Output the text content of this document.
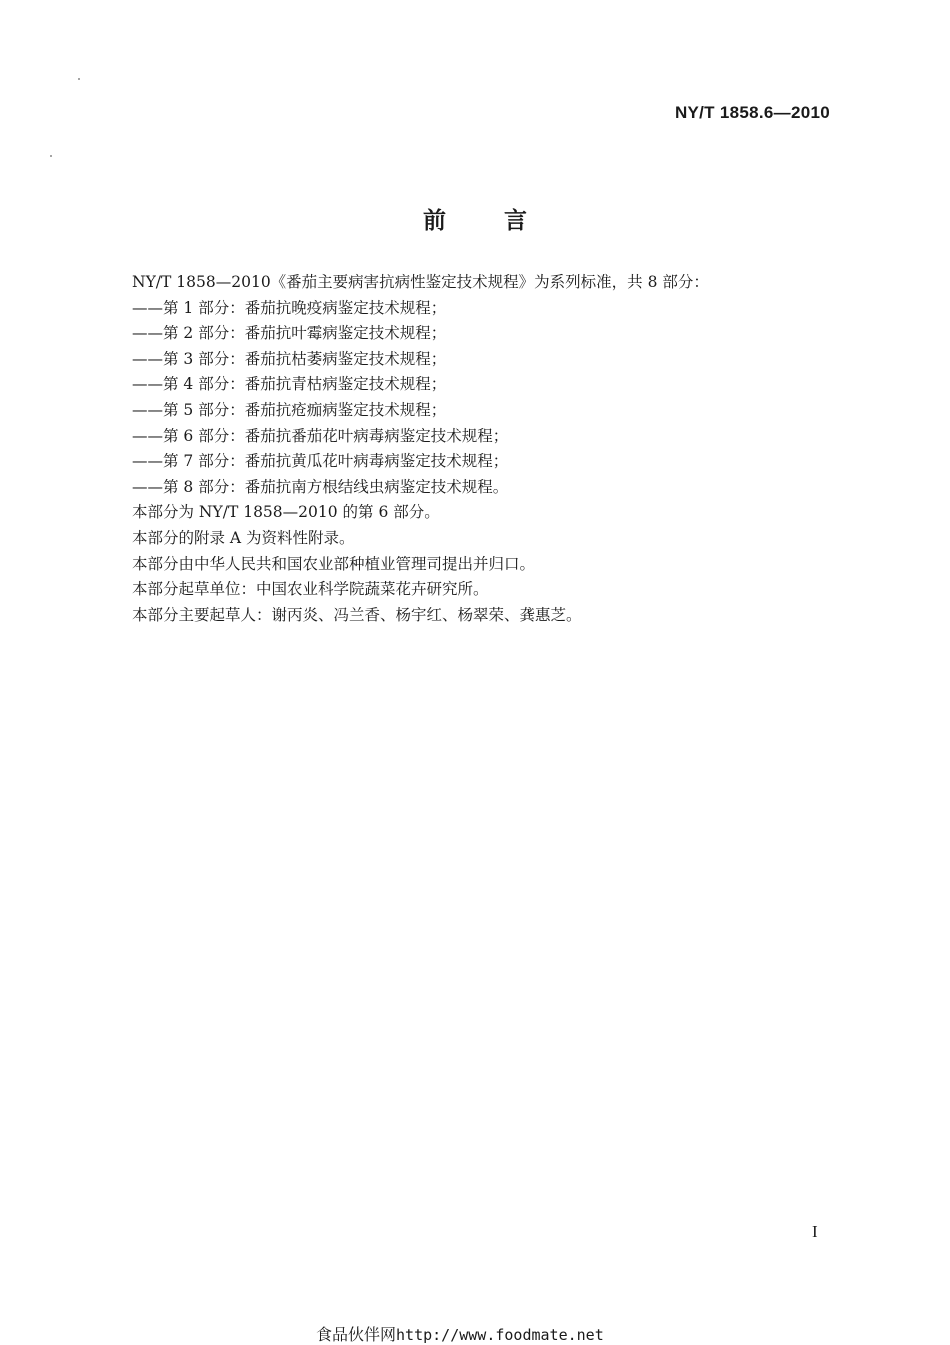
NY/T 1858.6—2010
前	言
NY/T 1858—2010《番茄主要病害抗病性鉴定技术规程》为系列标准，共 8 部分：
——第 1 部分：番茄抗晚疫病鉴定技术规程；
——第 2 部分：番茄抗叶霉病鉴定技术规程；
——第 3 部分：番茄抗枯萎病鉴定技术规程；
——第 4 部分：番茄抗青枯病鉴定技术规程；
——第 5 部分：番茄抗疮痂病鉴定技术规程；
——第 6 部分：番茄抗番茄花叶病毒病鉴定技术规程；
——第 7 部分：番茄抗黄瓜花叶病毒病鉴定技术规程；
——第 8 部分：番茄抗南方根结线虫病鉴定技术规程。
本部分为 NY/T 1858—2010 的第 6 部分。
本部分的附录 A 为资料性附录。
本部分由中华人民共和国农业部种植业管理司提出并归口。
本部分起草单位：中国农业科学院蔬菜花卉研究所。
本部分主要起草人：谢丙炎、冯兰香、杨宇红、杨翠荣、龚惠芝。
I
食品伙伴网http://www.foodmate.net
